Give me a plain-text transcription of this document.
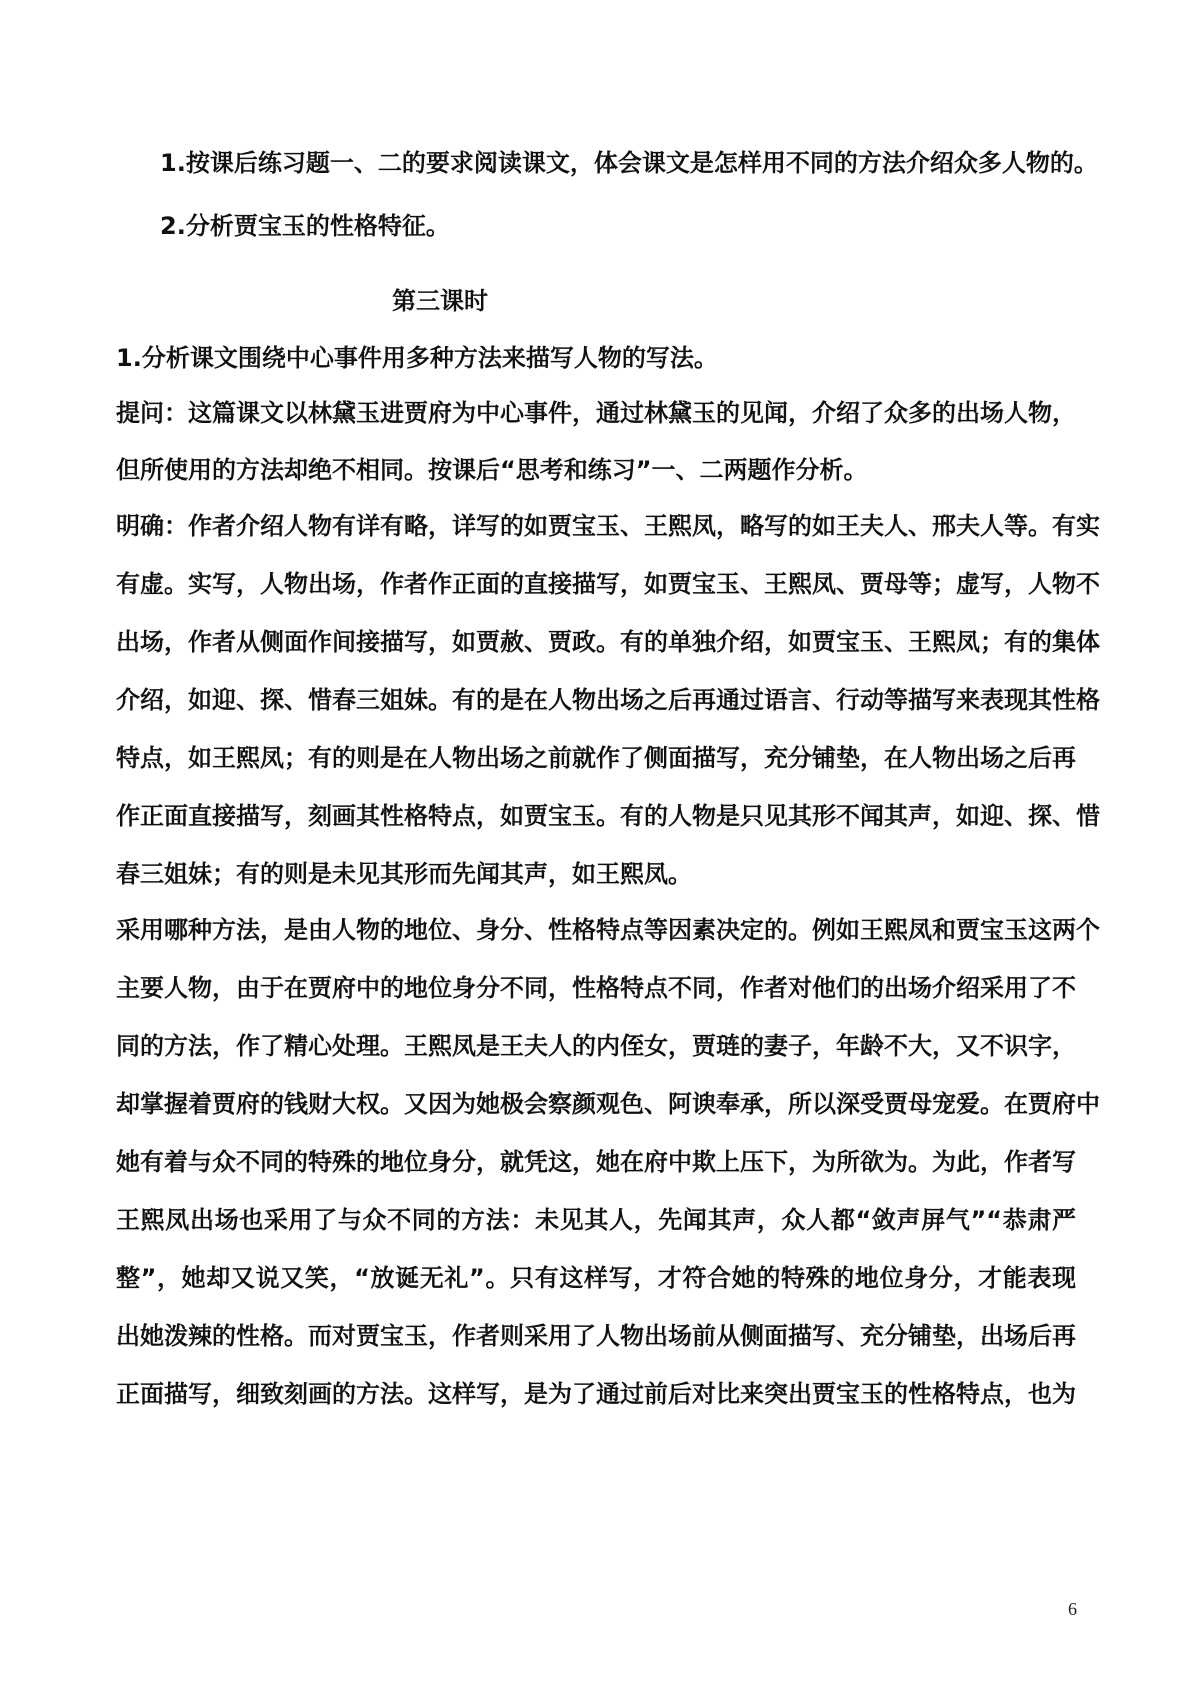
1.按课后练习题一、二的要求阅读课文，体会课文是怎样用不同的方法介绍众多人物的。
2.分析贾宝玉的性格特征。
第三课时
1.分析课文围绕中心事件用多种方法来描写人物的写法。
提问：这篇课文以林黛玉进贾府为中心事件，通过林黛玉的见闻，介绍了众多的出场人物，
但所使用的方法却绝不相同。按课后“思考和练习”一、二两题作分析。
明确：作者介绍人物有详有略，详写的如贾宝玉、王熙凤，略写的如王夫人、邢夫人等。有实
有虚。实写，人物出场，作者作正面的直接描写，如贾宝玉、王熙凤、贾母等；虚写，人物不
出场，作者从侧面作间接描写，如贾赦、贾政。有的单独介绍，如贾宝玉、王熙凤；有的集体
介绍，如迎、探、惜春三姐妹。有的是在人物出场之后再通过语言、行动等描写来表现其性格
特点，如王熙凤；有的则是在人物出场之前就作了侧面描写，充分铺垫，在人物出场之后再
作正面直接描写，刻画其性格特点，如贾宝玉。有的人物是只见其形不闻其声，如迎、探、惜
春三姐妹；有的则是未见其形而先闻其声，如王熙凤。
采用哪种方法，是由人物的地位、身分、性格特点等因素决定的。例如王熙凤和贾宝玉这两个
主要人物，由于在贾府中的地位身分不同，性格特点不同，作者对他们的出场介绍采用了不
同的方法，作了精心处理。王熙凤是王夫人的内侄女，贾琏的妻子，年龄不大，又不识字，
却掌握着贾府的钱财大权。又因为她极会察颜观色、阿谀奉承，所以深受贾母宠爱。在贾府中
她有着与众不同的特殊的地位身分，就凭这，她在府中欺上压下，为所欲为。为此，作者写
王熙凤出场也采用了与众不同的方法：未见其人，先闻其声，众人都“敛声屏气”“恭肃严
整”，她却又说又笑，“放诞无礼”。只有这样写，才符合她的特殊的地位身分，才能表现
出她泼辣的性格。而对贾宝玉，作者则采用了人物出场前从侧面描写、充分铺垫，出场后再
正面描写，细致刻画的方法。这样写，是为了通过前后对比来突出贾宝玉的性格特点，也为
6
